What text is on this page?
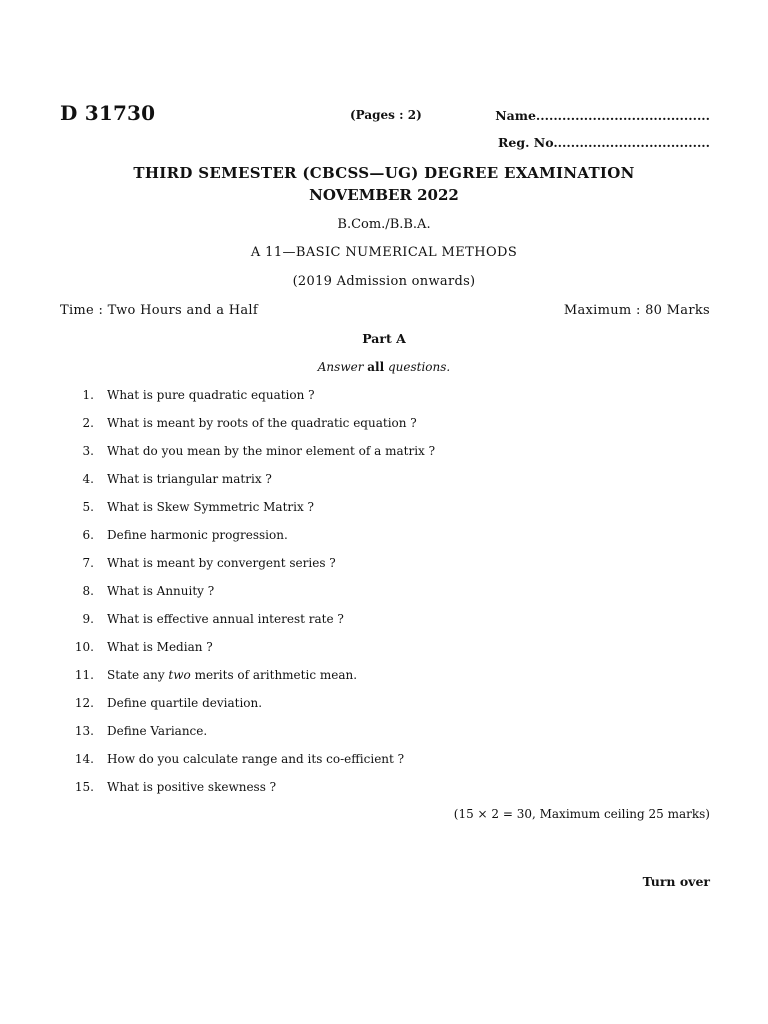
D 31730	(Pages : 2)	Name........................................
Reg. No....................................
THIRD SEMESTER (CBCSS—UG) DEGREE EXAMINATION
NOVEMBER 2022
B.Com./B.B.A.
A 11—BASIC NUMERICAL METHODS
(2019 Admission onwards)
Time : Two Hours and a Half	Maximum : 80 Marks
Part A
Answer all questions.
1. What is pure quadratic equation ?
2. What is meant by roots of the quadratic equation ?
3. What do you mean by the minor element of a matrix ?
4. What is triangular matrix ?
5. What is Skew Symmetric Matrix ?
6. Define harmonic progression.
7. What is meant by convergent series ?
8. What is Annuity ?
9. What is effective annual interest rate ?
10. What is Median ?
11. State any two merits of arithmetic mean.
12. Define quartile deviation.
13. Define Variance.
14. How do you calculate range and its co-efficient ?
15. What is positive skewness ?
(15 × 2 = 30, Maximum ceiling 25 marks)
Turn over
